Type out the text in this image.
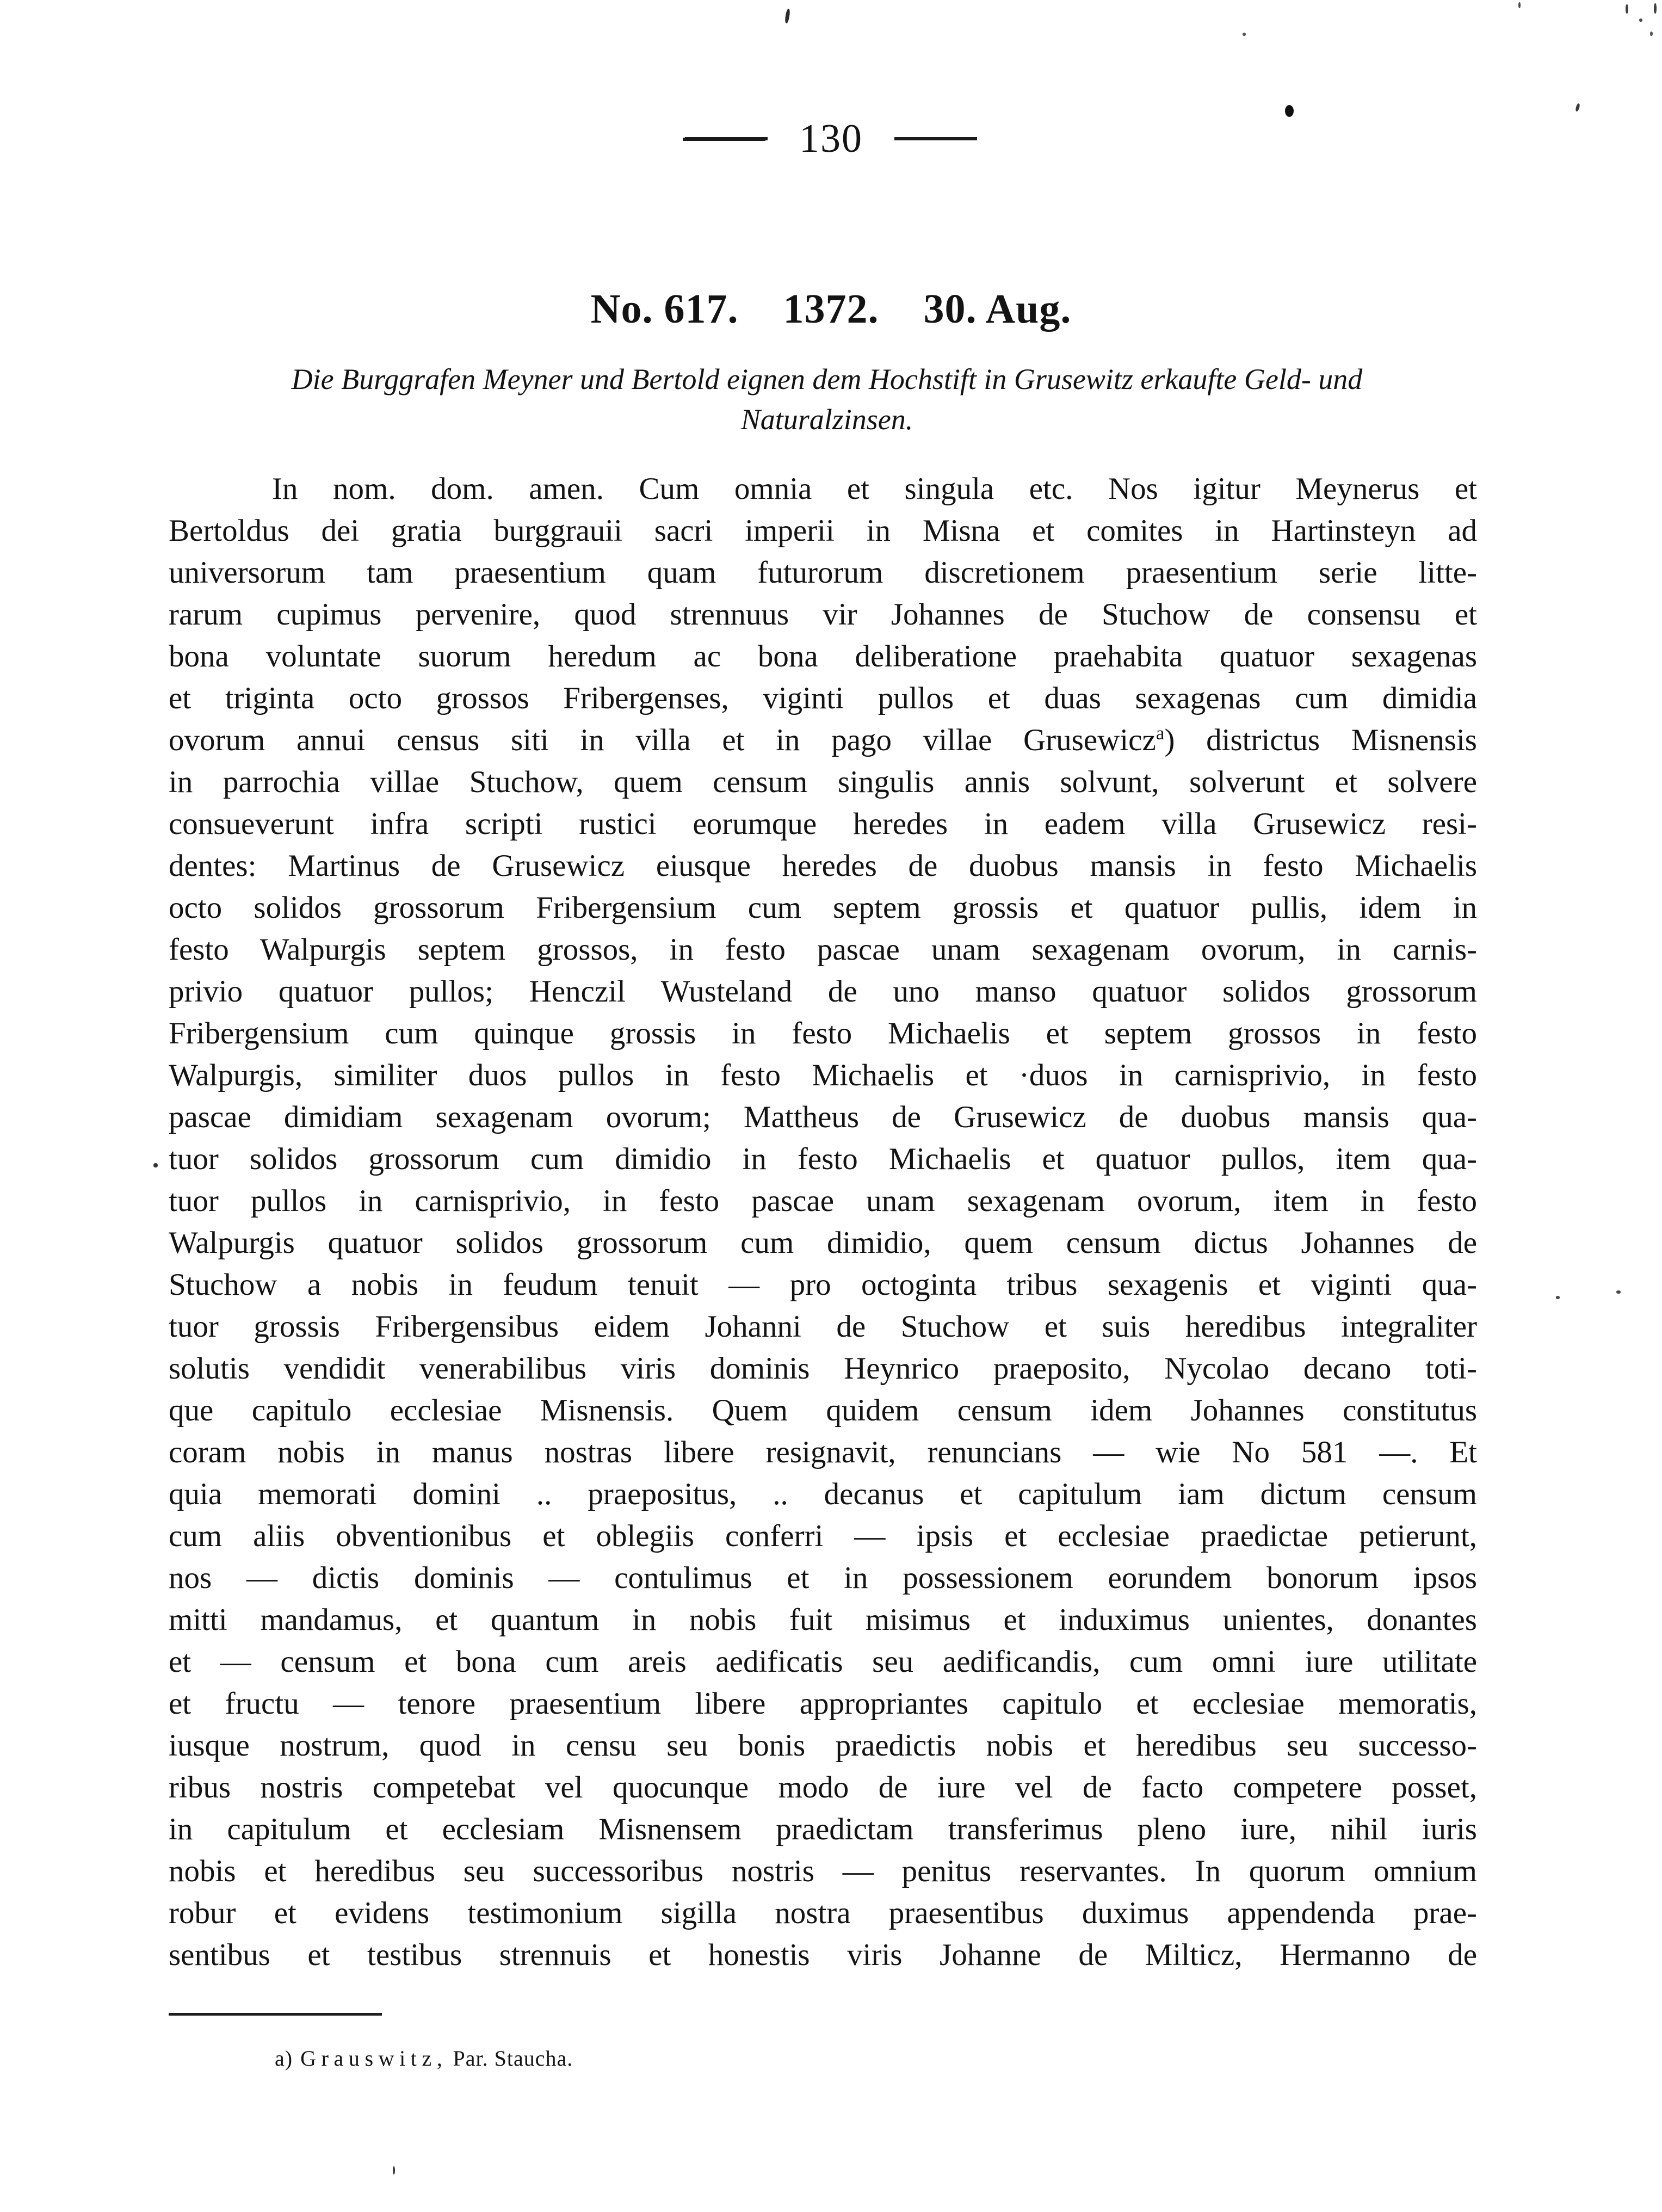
130
No. 617. 1372. 30. Aug.
Die Burggrafen Meyner und Bertold eignen dem Hochstift in Grusewitz erkaufte Geld- und
Naturalzinsen.
In nom. dom. amen. Cum omnia et singula etc. Nos igitur Meynerus et
Bertoldus dei gratia burggrauii sacri imperii in Misna et comites in Hartinsteyn ad
universorum tam praesentium quam futurorum discretionem praesentium serie litte-
rarum cupimus pervenire, quod strennuus vir Johannes de Stuchow de consensu et
bona voluntate suorum heredum ac bona deliberatione praehabita quatuor sexagenas
et triginta octo grossos Fribergenses, viginti pullos et duas sexagenas cum dimidia
ovorum annui census siti in villa et in pago villae Grusewicz$^a$) districtus Misnensis
in parrochia villae Stuchow, quem censum singulis annis solvunt, solverunt et solvere
consueverunt infra scripti rustici eorumque heredes in eadem villa Grusewicz resi-
dentes: Martinus de Grusewicz eiusque heredes de duobus mansis in festo Michaelis
octo solidos grossorum Fribergensium cum septem grossis et quatuor pullis, idem in
festo Walpurgis septem grossos, in festo pascae unam sexagenam ovorum, in carnis-
privio quatuor pullos; Henczil Wusteland de uno manso quatuor solidos grossorum
Fribergensium cum quinque grossis in festo Michaelis et septem grossos in festo
Walpurgis, similiter duos pullos in festo Michaelis et ·duos in carnisprivio, in festo
pascae dimidiam sexagenam ovorum; Mattheus de Grusewicz de duobus mansis qua-
tuor solidos grossorum cum dimidio in festo Michaelis et quatuor pullos, item qua-
tuor pullos in carnisprivio, in festo pascae unam sexagenam ovorum, item in festo
Walpurgis quatuor solidos grossorum cum dimidio, quem censum dictus Johannes de
Stuchow a nobis in feudum tenuit — pro octoginta tribus sexagenis et viginti qua-
tuor grossis Fribergensibus eidem Johanni de Stuchow et suis heredibus integraliter
solutis vendidit venerabilibus viris dominis Heynrico praeposito, Nycolao decano toti-
que capitulo ecclesiae Misnensis. Quem quidem censum idem Johannes constitutus
coram nobis in manus nostras libere resignavit, renuncians — wie No 581 —. Et
quia memorati domini .. praepositus, .. decanus et capitulum iam dictum censum
cum aliis obventionibus et oblegiis conferri — ipsis et ecclesiae praedictae petierunt,
nos — dictis dominis — contulimus et in possessionem eorundem bonorum ipsos
mitti mandamus, et quantum in nobis fuit misimus et induximus unientes, donantes
et — censum et bona cum areis aedificatis seu aedificandis, cum omni iure utilitate
et fructu — tenore praesentium libere appropriantes capitulo et ecclesiae memoratis,
iusque nostrum, quod in censu seu bonis praedictis nobis et heredibus seu successo-
ribus nostris competebat vel quocunque modo de iure vel de facto competere posset,
in capitulum et ecclesiam Misnensem praedictam transferimus pleno iure, nihil iuris
nobis et heredibus seu successoribus nostris — penitus reservantes. In quorum omnium
robur et evidens testimonium sigilla nostra praesentibus duximus appendenda prae-
sentibus et testibus strennuis et honestis viris Johanne de Milticz, Hermanno de
a) Grauswitz, Par. Staucha.
